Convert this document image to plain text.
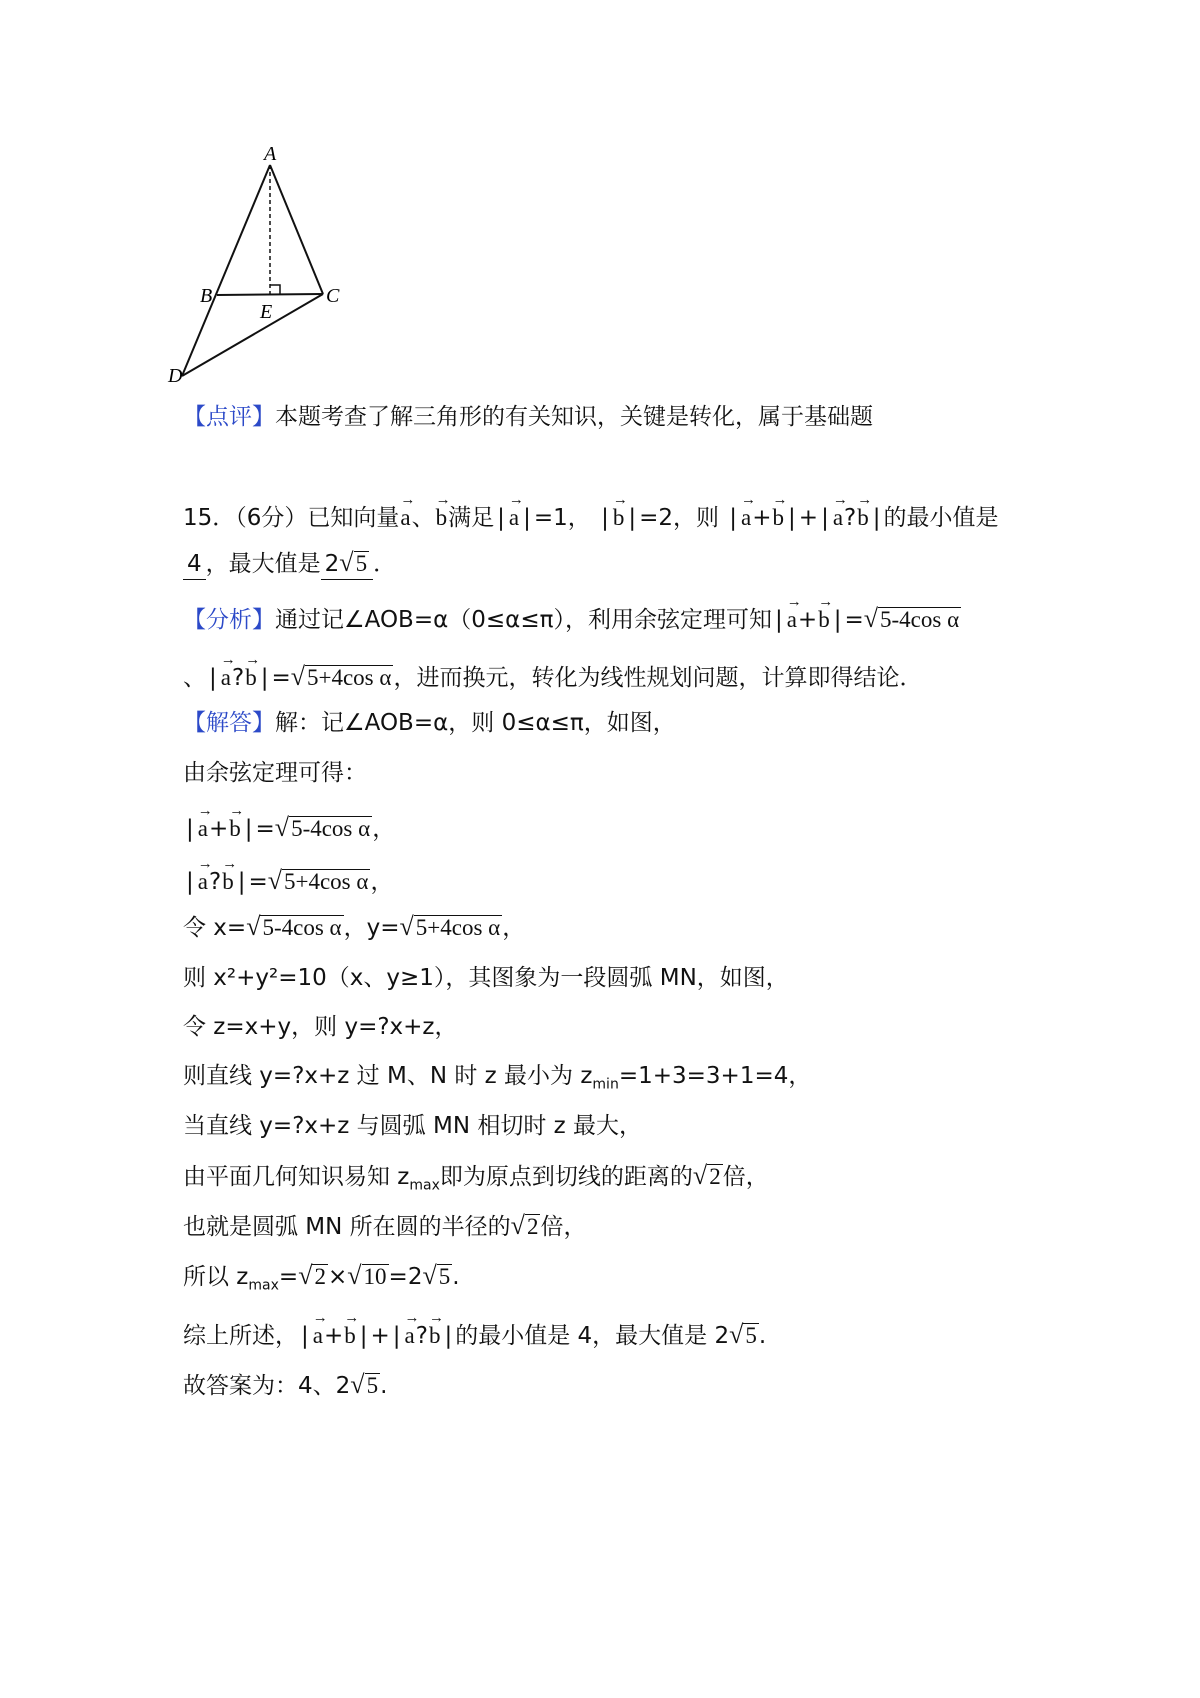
A
B	C
E
D
【点评】本题考查了解三角形的有关知识，关键是转化，属于基础题
15．（6分）已知向量→ a、→ b满足 | → a | =1， | → b | =2，则 | → a+→ b | + | → a?→ b | 的最小值是
4 ，最大值是 2√5 ．
【分析】通过记∠AOB=α（0≤α≤π），利用余弦定理可知 | → a+→ b | =√5-4cos α
、 | → a?→ b | =√5+4cos α，进而换元，转化为线性规划问题，计算即得结论．
【解答】解：记∠AOB=α，则 0≤α≤π，如图，
由余弦定理可得：
| → a+→ b | =√5-4cos α，
| → a?→ b | =√5+4cos α，
令 x=√5-4cos α，y=√5+4cos α，
则 x²+y²=10（x、y≥1），其图象为一段圆弧 MN，如图，
令 z=x+y，则 y=?x+z，
则直线 y=?x+z 过 M、N 时 z 最小为 $z_{min}=1+3=3+1=4$，
当直线 y=?x+z 与圆弧 MN 相切时 z 最大，
由平面几何知识易知 $z_{max}$即为原点到切线的距离的√2倍，
也就是圆弧 MN 所在圆的半径的√2倍，
所以 $z_{max}=√2\times√10=2√5$.
综上所述， | → a+→ b | + | → a?→ b | 的最小值是 4，最大值是 2√5.
故答案为：4、2√5.
